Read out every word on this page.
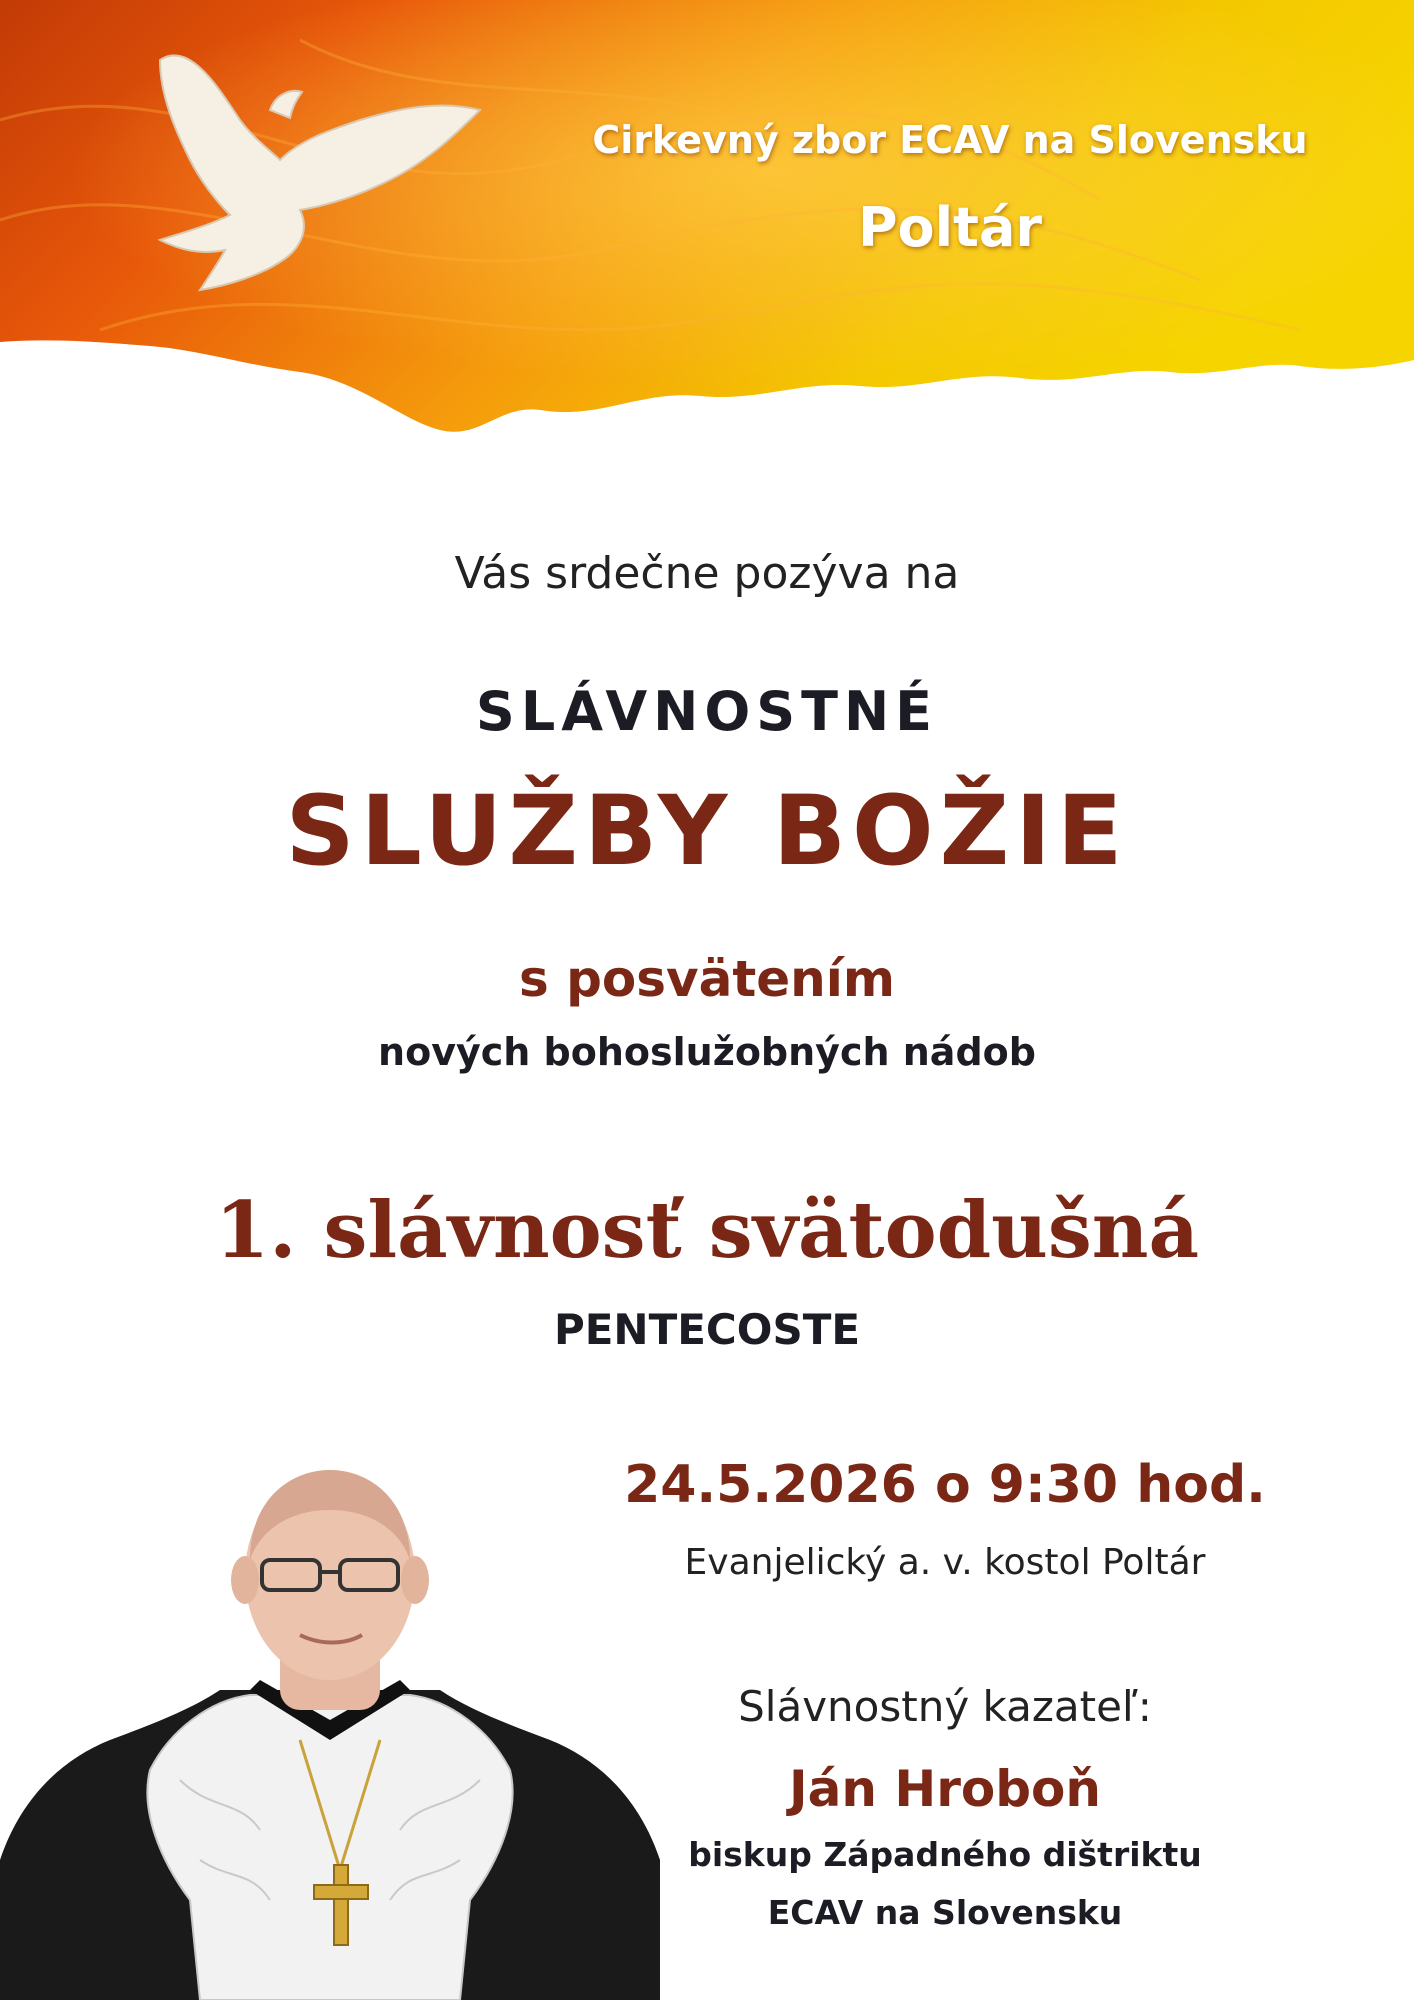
Cirkevný zbor ECAV na Slovensku
Poltár
Vás srdečne pozýva na
SLÁVNOSTNÉ
SLUŽBY BOŽIE
s posvätením
nových bohoslužobných nádob
1. slávnosť svätodušná
PENTECOSTE
24.5.2026 o 9:30 hod.
Evanjelický a. v. kostol Poltár
Slávnostný kazateľ:
Ján Hroboň
biskup Západného dištriktu
ECAV na Slovensku
